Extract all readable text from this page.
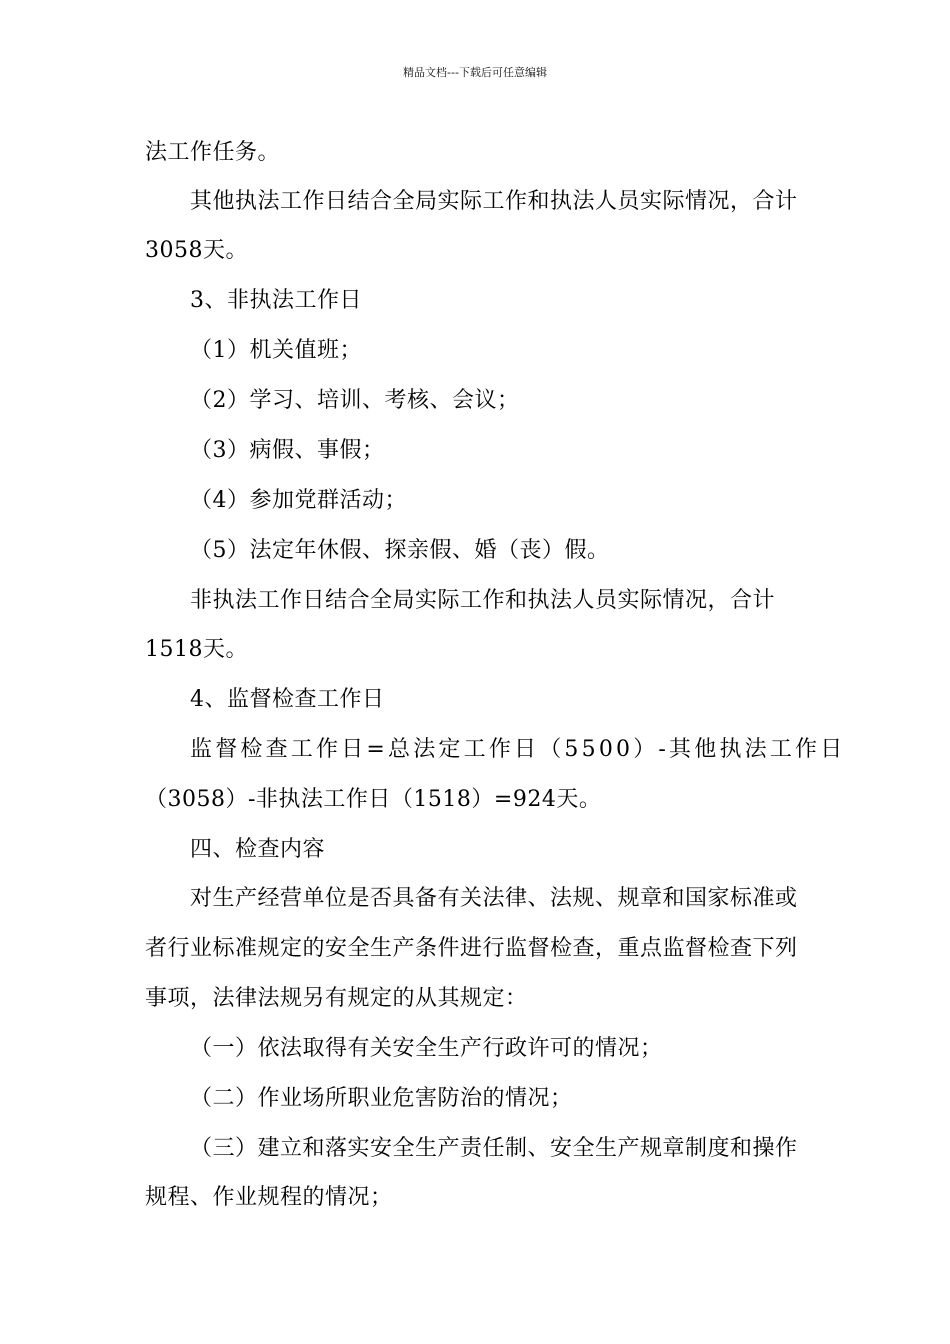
精品文档---下载后可任意编辑
法工作任务。
其他执法工作日结合全局实际工作和执法人员实际情况，合计
3058天。
3、非执法工作日
（1）机关值班；
（2）学习、培训、考核、会议；
（3）病假、事假；
（4）参加党群活动；
（5）法定年休假、探亲假、婚（丧）假。
非执法工作日结合全局实际工作和执法人员实际情况，合计
1518天。
4、监督检查工作日
监督检查工作日=总法定工作日（5500）-其他执法工作日
（3058）-非执法工作日（1518）=924天。
四、检查内容
对生产经营单位是否具备有关法律、法规、规章和国家标准或
者行业标准规定的安全生产条件进行监督检查，重点监督检查下列
事项，法律法规另有规定的从其规定：
（一）依法取得有关安全生产行政许可的情况；
（二）作业场所职业危害防治的情况；
（三）建立和落实安全生产责任制、安全生产规章制度和操作
规程、作业规程的情况；
